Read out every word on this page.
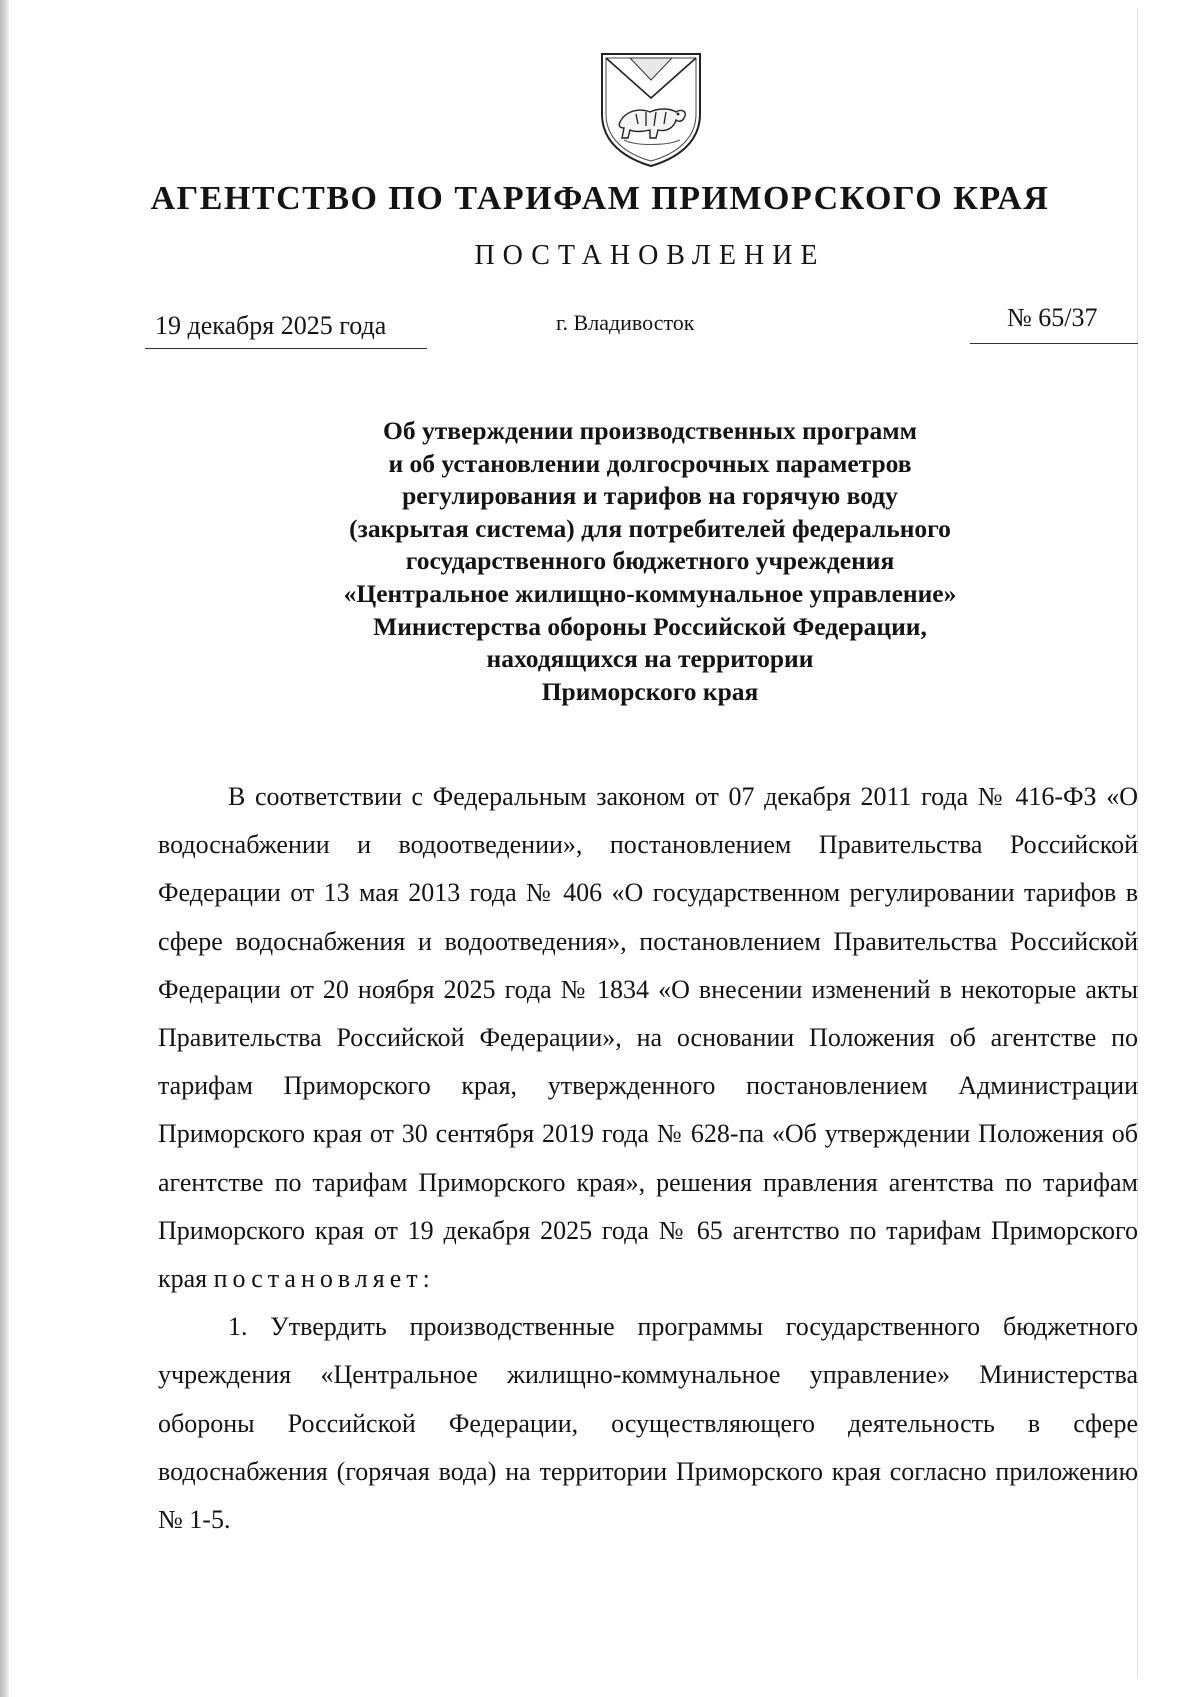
АГЕНТСТВО ПО ТАРИФАМ ПРИМОРСКОГО КРАЯ
ПОСТАНОВЛЕНИЕ
19 декабря 2025 года	г. Владивосток	№ 65/37
Об утверждении производственных программ
и об установлении долгосрочных параметров
регулирования и тарифов на горячую воду
(закрытая система) для потребителей федерального
государственного бюджетного учреждения
«Центральное жилищно-коммунальное управление»
Министерства обороны Российской Федерации,
находящихся на территории
Приморского края

В соответствии с Федеральным законом от 07 декабря 2011 года № 416-ФЗ «О водоснабжении и водоотведении», постановлением Правительства Российской Федерации от 13 мая 2013 года № 406 «О государственном регулировании тарифов в сфере водоснабжения и водоотведения», постановлением Правительства Российской Федерации от 20 ноября 2025 года № 1834 «О внесении изменений в некоторые акты Правительства Российской Федерации», на основании Положения об агентстве по тарифам Приморского края, утвержденного постановлением Администрации Приморского края от 30 сентября 2019 года № 628-па «Об утверждении Положения об агентстве по тарифам Приморского края», решения правления агентства по тарифам Приморского края от 19 декабря 2025 года № 65 агентство по тарифам Приморского края постановляет:

1. Утвердить производственные программы государственного бюджетного учреждения «Центральное жилищно-коммунальное управление» Министерства обороны Российской Федерации, осуществляющего деятельность в сфере водоснабжения (горячая вода) на территории Приморского края согласно приложению № 1-5.
